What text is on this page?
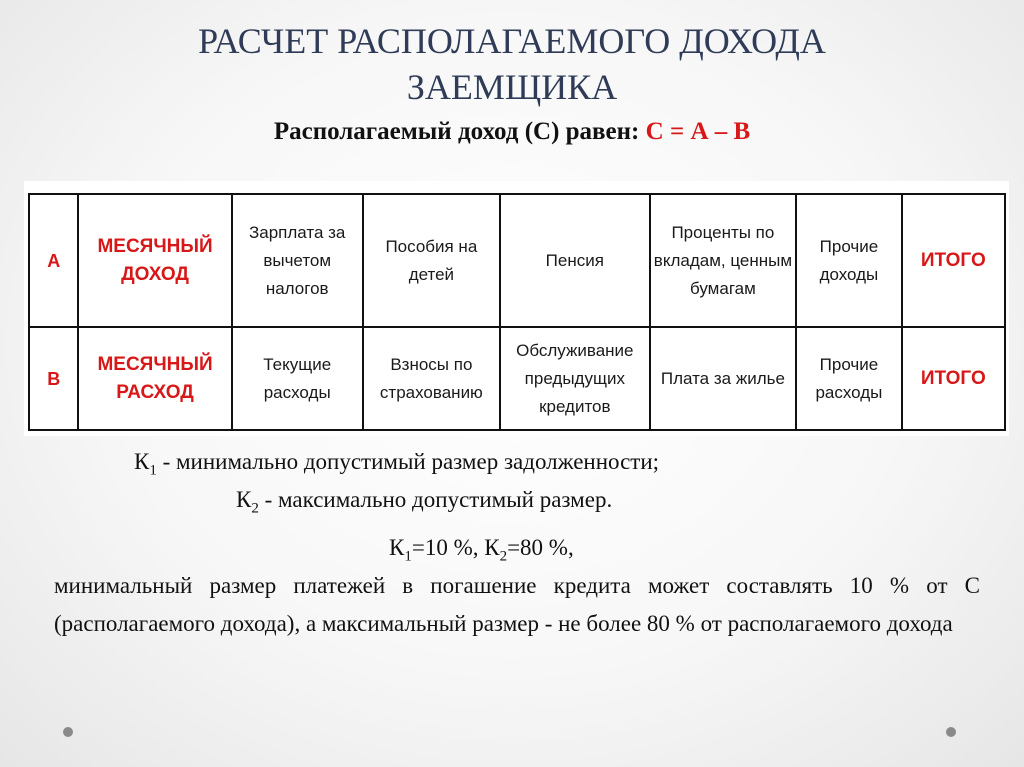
РАСЧЕТ РАСПОЛАГАЕМОГО ДОХОДА
ЗАЕМЩИКА
Располагаемый доход (С) равен: С = А – В
А	МЕСЯЧНЫЙ ДОХОД	Зарплата за вычетом налогов	Пособия на детей	Пенсия	Проценты по вкладам, ценным бумагам	Прочие доходы	ИТОГО
В	МЕСЯЧНЫЙ РАСХОД	Текущие расходы	Взносы по страхованию	Обслуживание предыдущих кредитов	Плата за жилье	Прочие расходы	ИТОГО
$К_1$ - минимально допустимый размер задолженности;
$К_2$ - максимально допустимый размер.
$К_1=10$ %, $К_2=80$ %,
минимальный размер платежей в погашение кредита может составлять 10 % от С (располагаемого дохода), а максимальный размер - не более 80 % от располагаемого дохода
